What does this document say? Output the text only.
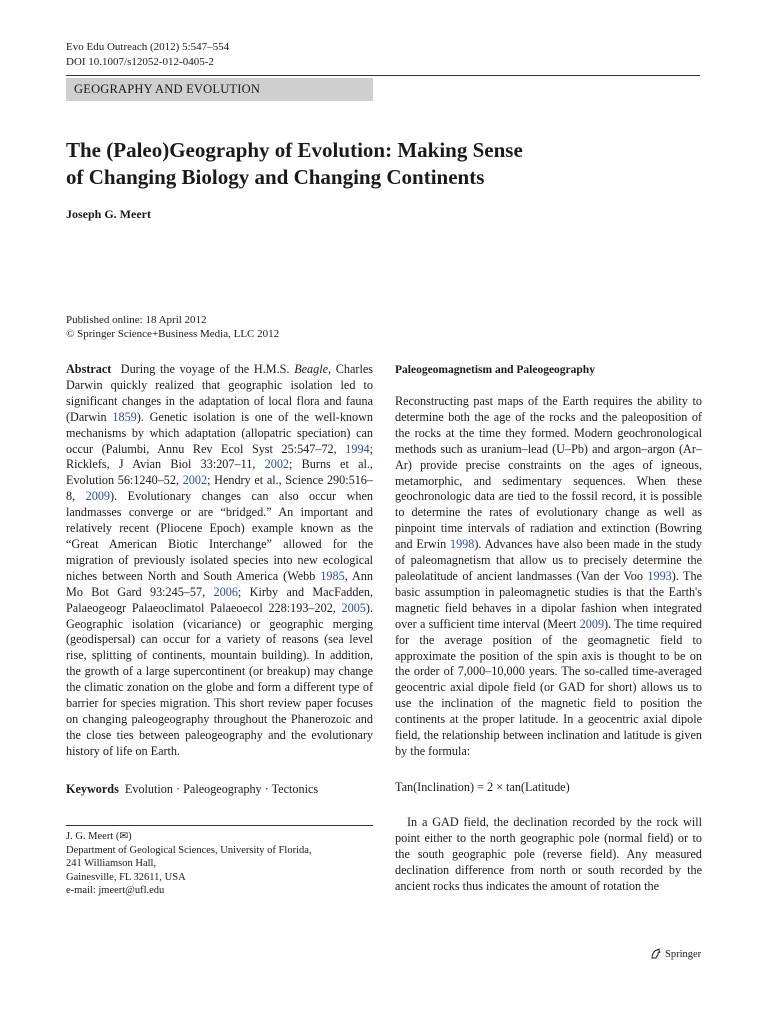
Evo Edu Outreach (2012) 5:547–554
DOI 10.1007/s12052-012-0405-2
GEOGRAPHY AND EVOLUTION
The (Paleo)Geography of Evolution: Making Sense
of Changing Biology and Changing Continents
Joseph G. Meert
Published online: 18 April 2012
© Springer Science+Business Media, LLC 2012

Abstract During the voyage of the H.M.S. Beagle, Charles Darwin quickly realized that geographic isolation led to significant changes in the adaptation of local flora and fauna (Darwin 1859). Genetic isolation is one of the well-known mechanisms by which adaptation (allopatric speciation) can occur (Palumbi, Annu Rev Ecol Syst 25:547–72, 1994; Ricklefs, J Avian Biol 33:207–11, 2002; Burns et al., Evolution 56:1240–52, 2002; Hendry et al., Science 290:516–8, 2009). Evolutionary changes can also occur when landmasses converge or are “bridged.” An important and relatively recent (Pliocene Epoch) example known as the “Great American Biotic Interchange” allowed for the migration of previously isolated species into new ecological niches between North and South America (Webb 1985, Ann Mo Bot Gard 93:245–57, 2006; Kirby and MacFadden, Palaeogeogr Palaeoclimatol Palaeoecol 228:193–202, 2005). Geographic isolation (vicariance) or geographic merging (geodispersal) can occur for a variety of reasons (sea level rise, splitting of continents, mountain building). In addition, the growth of a large supercontinent (or breakup) may change the climatic zonation on the globe and form a different type of barrier for species migration. This short review paper focuses on changing paleogeography throughout the Phanerozoic and the close ties between paleogeography and the evolutionary history of life on Earth.

Keywords Evolution · Paleogeography · Tectonics
J. G. Meert (✉)
Department of Geological Sciences, University of Florida,
241 Williamson Hall,
Gainesville, FL 32611, USA
e-mail: jmeert@ufl.edu
Paleogeomagnetism and Paleogeography

Reconstructing past maps of the Earth requires the ability to determine both the age of the rocks and the paleoposition of the rocks at the time they formed. Modern geochronological methods such as uranium–lead (U–Pb) and argon–argon (Ar–Ar) provide precise constraints on the ages of igneous, metamorphic, and sedimentary sequences. When these geochronologic data are tied to the fossil record, it is possible to determine the rates of evolutionary change as well as pinpoint time intervals of radiation and extinction (Bowring and Erwin 1998). Advances have also been made in the study of paleomagnetism that allow us to precisely determine the paleolatitude of ancient landmasses (Van der Voo 1993). The basic assumption in paleomagnetic studies is that the Earth's magnetic field behaves in a dipolar fashion when integrated over a sufficient time interval (Meert 2009). The time required for the average position of the geomagnetic field to approximate the position of the spin axis is thought to be on the order of 7,000–10,000 years. The so-called time-averaged geocentric axial dipole field (or GAD for short) allows us to use the inclination of the magnetic field to position the continents at the proper latitude. In a geocentric axial dipole field, the relationship between inclination and latitude is given by the formula:

Tan(Inclination) = 2 × tan(Latitude)

In a GAD field, the declination recorded by the rock will point either to the north geographic pole (normal field) or to the south geographic pole (reverse field). Any measured declination difference from north or south recorded by the ancient rocks thus indicates the amount of rotation the

Springer
